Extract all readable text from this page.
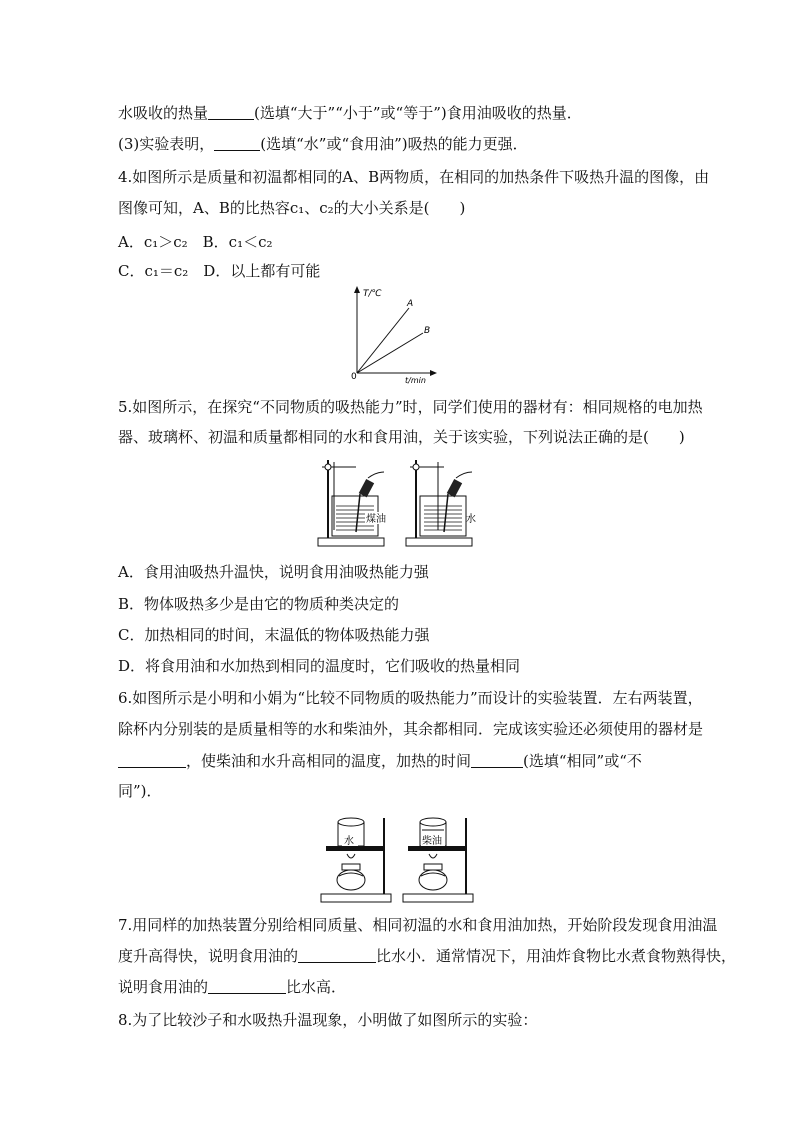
水吸收的热量	(选填“大于”“小于”或“等于”)食用油吸收的热量．
(3)实验表明，	(选填“水”或“食用油”)吸热的能力更强．
4.如图所示是质量和初温都相同的A、B两物质，在相同的加热条件下吸热升温的图像，由
图像可知，A、B的比热容c₁、c₂的大小关系是(　　)
A．c₁＞c₂　B．c₁＜c₂
C．c₁＝c₂　D．以上都有可能
T/℃
t/min
0
A
B
5.如图所示，在探究“不同物质的吸热能力”时，同学们使用的器材有：相同规格的电加热
器、玻璃杯、初温和质量都相同的水和食用油，关于该实验，下列说法正确的是(　　)
煤油	水
A．食用油吸热升温快，说明食用油吸热能力强
B．物体吸热多少是由它的物质种类决定的
C．加热相同的时间，末温低的物体吸热能力强
D．将食用油和水加热到相同的温度时，它们吸收的热量相同
6.如图所示是小明和小娟为“比较不同物质的吸热能力”而设计的实验装置．左右两装置，
除杯内分别装的是质量相等的水和柴油外，其余都相同．完成该实验还必须使用的器材是
，使柴油和水升高相同的温度，加热的时间	(选填“相同”或“不
同”)．
水	柴油
7.用同样的加热装置分别给相同质量、相同初温的水和食用油加热，开始阶段发现食用油温
度升高得快，说明食用油的	比水小．通常情况下，用油炸食物比水煮食物熟得快，
说明食用油的	比水高．
8.为了比较沙子和水吸热升温现象，小明做了如图所示的实验：
